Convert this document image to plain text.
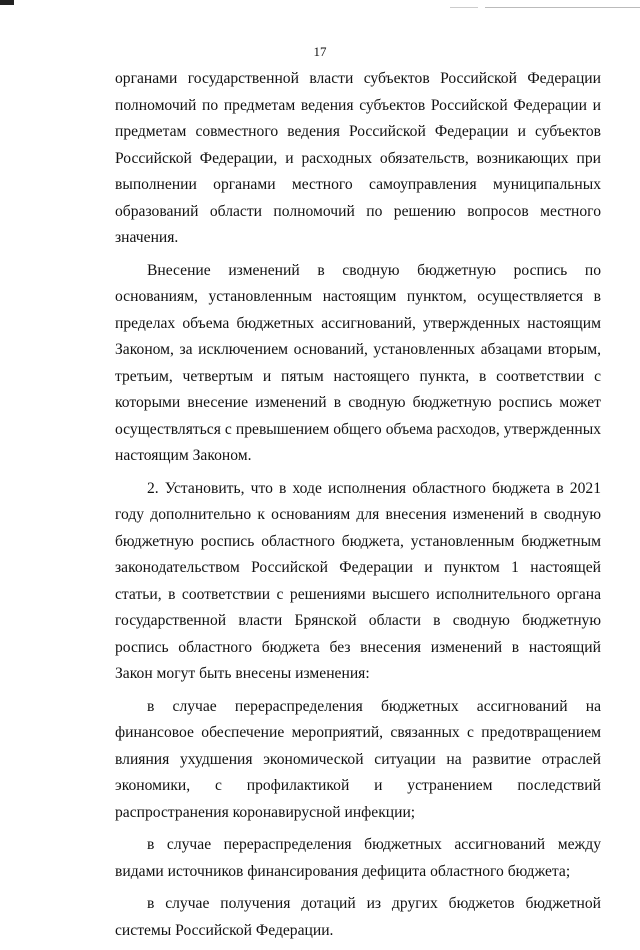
17

органами государственной власти субъектов Российской Федерации полномочий по предметам ведения субъектов Российской Федерации и предметам совместного ведения Российской Федерации и субъектов Российской Федерации, и расходных обязательств, возникающих при выполнении органами местного самоуправления муниципальных образований области полномочий по решению вопросов местного значения.

Внесение изменений в сводную бюджетную роспись по основаниям, установленным настоящим пунктом, осуществляется в пределах объема бюджетных ассигнований, утвержденных настоящим Законом, за исключением оснований, установленных абзацами вторым, третьим, четвертым и пятым настоящего пункта, в соответствии с которыми внесение изменений в сводную бюджетную роспись может осуществляться с превышением общего объема расходов, утвержденных настоящим Законом.

2. Установить, что в ходе исполнения областного бюджета в 2021 году дополнительно к основаниям для внесения изменений в сводную бюджетную роспись областного бюджета, установленным бюджетным законодательством Российской Федерации и пунктом 1 настоящей статьи, в соответствии с решениями высшего исполнительного органа государственной власти Брянской области в сводную бюджетную роспись областного бюджета без внесения изменений в настоящий Закон могут быть внесены изменения:

в случае перераспределения бюджетных ассигнований на финансовое обеспечение мероприятий, связанных с предотвращением влияния ухудшения экономической ситуации на развитие отраслей экономики, с профилактикой и устранением последствий распространения коронавирусной инфекции;

в случае перераспределения бюджетных ассигнований между видами источников финансирования дефицита областного бюджета;

в случае получения дотаций из других бюджетов бюджетной системы Российской Федерации.
